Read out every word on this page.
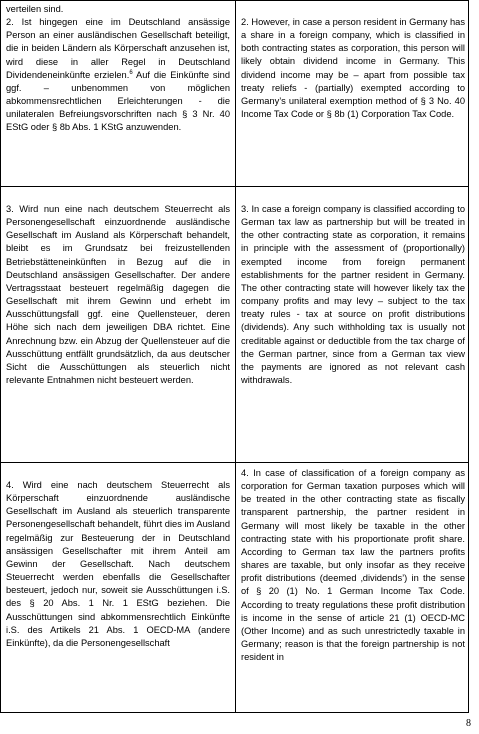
verteilen sind.

2. Ist hingegen eine im Deutschland ansässige Person an einer ausländischen Gesellschaft beteiligt, die in beiden Ländern als Körperschaft anzusehen ist, wird diese in aller Regel in Deutschland Dividendeneinkünfte erzielen.$^6$ Auf die Einkünfte sind ggf. – unbenommen von möglichen abkommensrechtlichen Erleichterungen - die unilateralen Befreiungsvorschriften nach § 3 Nr. 40 EStG oder § 8b Abs. 1 KStG anzuwenden.

2. However, in case a person resident in Germany has a share in a foreign company, which is classified in both contracting states as corporation, this person will likely obtain dividend income in Germany. This dividend income may be – apart from possible tax treaty reliefs - (partially) exempted according to Germany’s unilateral exemption method of § 3 No. 40 Income Tax Code or § 8b (1) Corporation Tax Code.

3. Wird nun eine nach deutschem Steuerrecht als Personengesellschaft einzuordnende ausländische Gesellschaft im Ausland als Körperschaft behandelt, bleibt es im Grundsatz bei freizustellenden Betriebstätteneinkünften in Bezug auf die in Deutschland ansässigen Gesellschafter. Der andere Vertragsstaat besteuert regelmäßig dagegen die Gesellschaft mit ihrem Gewinn und erhebt im Ausschüttungsfall ggf. eine Quellensteuer, deren Höhe sich nach dem jeweiligen DBA richtet. Eine Anrechnung bzw. ein Abzug der Quellensteuer auf die Ausschüttung entfällt grundsätzlich, da aus deutscher Sicht die Ausschüttungen als steuerlich nicht relevante Entnahmen nicht besteuert werden.

3. In case a foreign company is classified according to German tax law as partnership but will be treated in the other contracting state as corporation, it remains in principle with the assessment of (proportionally) exempted income from foreign permanent establishments for the partner resident in Germany. The other contracting state will however likely tax the company profits and may levy – subject to the tax treaty rules - tax at source on profit distributions (dividends). Any such withholding tax is usually not creditable against or deductible from the tax charge of the German partner, since from a German tax view the payments are ignored as not relevant cash withdrawals.

4. Wird eine nach deutschem Steuerrecht als Körperschaft einzuordnende ausländische Gesellschaft im Ausland als steuerlich transparente Personengesellschaft behandelt, führt dies im Ausland regelmäßig zur Besteuerung der in Deutschland ansässigen Gesellschafter mit ihrem Anteil am Gewinn der Gesellschaft. Nach deutschem Steuerrecht werden ebenfalls die Gesellschafter besteuert, jedoch nur, soweit sie Ausschüttungen i.S. des § 20 Abs. 1 Nr. 1 EStG beziehen. Die Ausschüttungen sind abkommensrechtlich Einkünfte i.S. des Artikels 21 Abs. 1 OECD-MA (andere Einkünfte), da die Personengesellschaft

4. In case of classification of a foreign company as corporation for German taxation purposes which will be treated in the other contracting state as fiscally transparent partnership, the partner resident in Germany will most likely be taxable in the other contracting state with his proportionate profit share. According to German tax law the partners profits shares are taxable, but only insofar as they receive profit distributions (deemed ‚dividends’) in the sense of § 20 (1) No. 1 German Income Tax Code. According to treaty regulations these profit distribution is income in the sense of article 21 (1) OECD-MC (Other Income) and as such unrestrictedly taxable in Germany; reason is that the foreign partnership is not resident in

8
